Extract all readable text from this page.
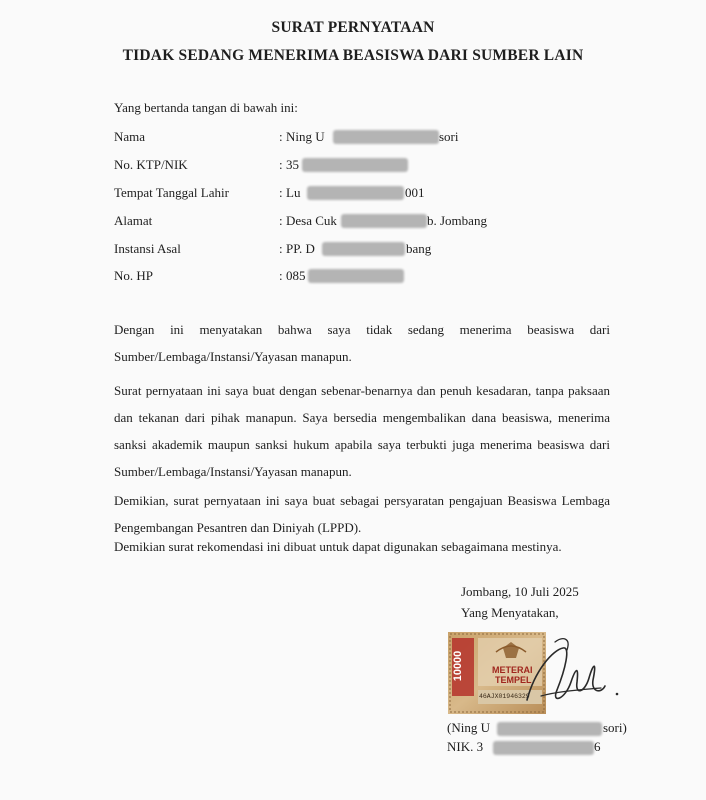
SURAT PERNYATAAN
TIDAK SEDANG MENERIMA BEASISWA DARI SUMBER LAIN
Yang bertanda tangan di bawah ini:
Nama	: Ning U	sori
No. KTP/NIK	: 35
Tempat Tanggal Lahir	: Lu	001
Alamat	: Desa Cuk	b. Jombang
Instansi Asal	: PP. D	bang
No. HP	: 085

Dengan ini menyatakan bahwa saya tidak sedang menerima beasiswa dari Sumber/Lembaga/Instansi/Yayasan manapun.

Surat pernyataan ini saya buat dengan sebenar-benarnya dan penuh kesadaran, tanpa paksaan dan tekanan dari pihak manapun. Saya bersedia mengembalikan dana beasiswa, menerima sanksi akademik maupun sanksi hukum apabila saya terbukti juga menerima beasiswa dari Sumber/Lembaga/Instansi/Yayasan manapun.

Demikian, surat pernyataan ini saya buat sebagai persyaratan pengajuan Beasiswa Lembaga Pengembangan Pesantren dan Diniyah (LPPD).

Demikian surat rekomendasi ini dibuat untuk dapat digunakan sebagaimana mestinya.

Jombang, 10 Juli 2025
Yang Menyatakan,
10000	METERAI
TEMPEL
46AJX01946329
(Ning U	sori)
NIK. 3	6
